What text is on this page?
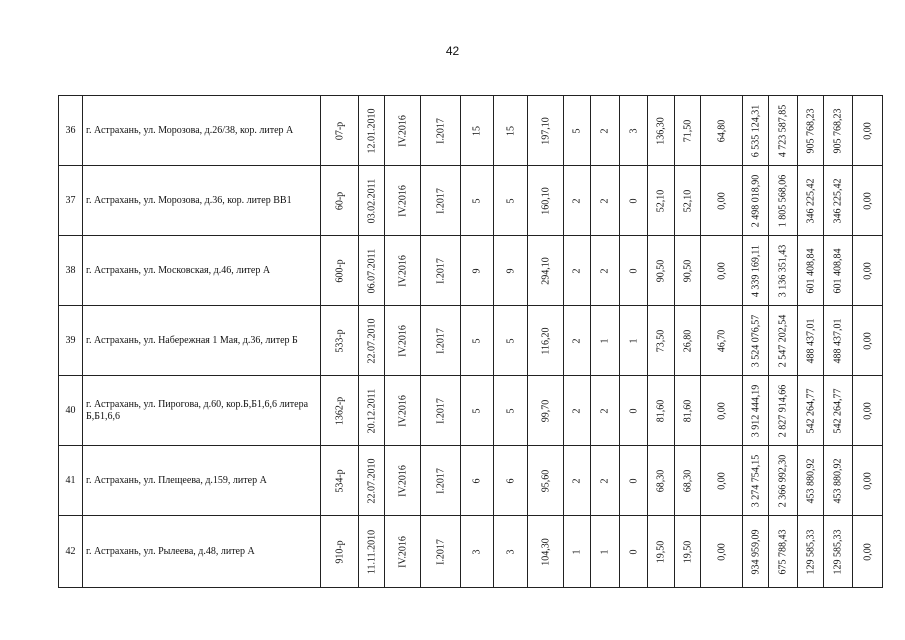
42
36	г. Астрахань, ул. Морозова, д.26/38, кор. литер А	07-р	12.01.2010	IV.2016	I.2017	15	15	197,10	5	2	3	136,30	71,50	64,80	6 535 124,31	4 723 587,85	905 768,23	905 768,23	0,00

37	г. Астрахань, ул. Морозова, д.36, кор. литер ВВ1	60-р	03.02.2011	IV.2016	I.2017	5	5	160,10	2	2	0	52,10	52,10	0,00	2 498 018,90	1 805 568,06	346 225,42	346 225,42	0,00

38	г. Астрахань, ул. Московская, д.46, литер А	600-р	06.07.2011	IV.2016	I.2017	9	9	294,10	2	2	0	90,50	90,50	0,00	4 339 169,11	3 136 351,43	601 408,84	601 408,84	0,00

39	г. Астрахань, ул. Набережная 1 Мая, д.36, литер Б	533-р	22.07.2010	IV.2016	I.2017	5	5	116,20	2	1	1	73,50	26,80	46,70	3 524 076,57	2 547 202,54	488 437,01	488 437,01	0,00

40	г. Астрахань, ул. Пирогова, д.60, кор.Б,Б1,6,6 литера Б,Б1,6,6	1362-р	20.12.2011	IV.2016	I.2017	5	5	99,70	2	2	0	81,60	81,60	0,00	3 912 444,19	2 827 914,66	542 264,77	542 264,77	0,00

41	г. Астрахань, ул. Плещеева, д.159, литер А	534-р	22.07.2010	IV.2016	I.2017	6	6	95,60	2	2	0	68,30	68,30	0,00	3 274 754,15	2 366 992,30	453 880,92	453 880,92	0,00

42	г. Астрахань, ул. Рылеева, д.48, литер А	910-р	11.11.2010	IV.2016	I.2017	3	3	104,30	1	1	0	19,50	19,50	0,00	934 959,09	675 788,43	129 585,33	129 585,33	0,00
